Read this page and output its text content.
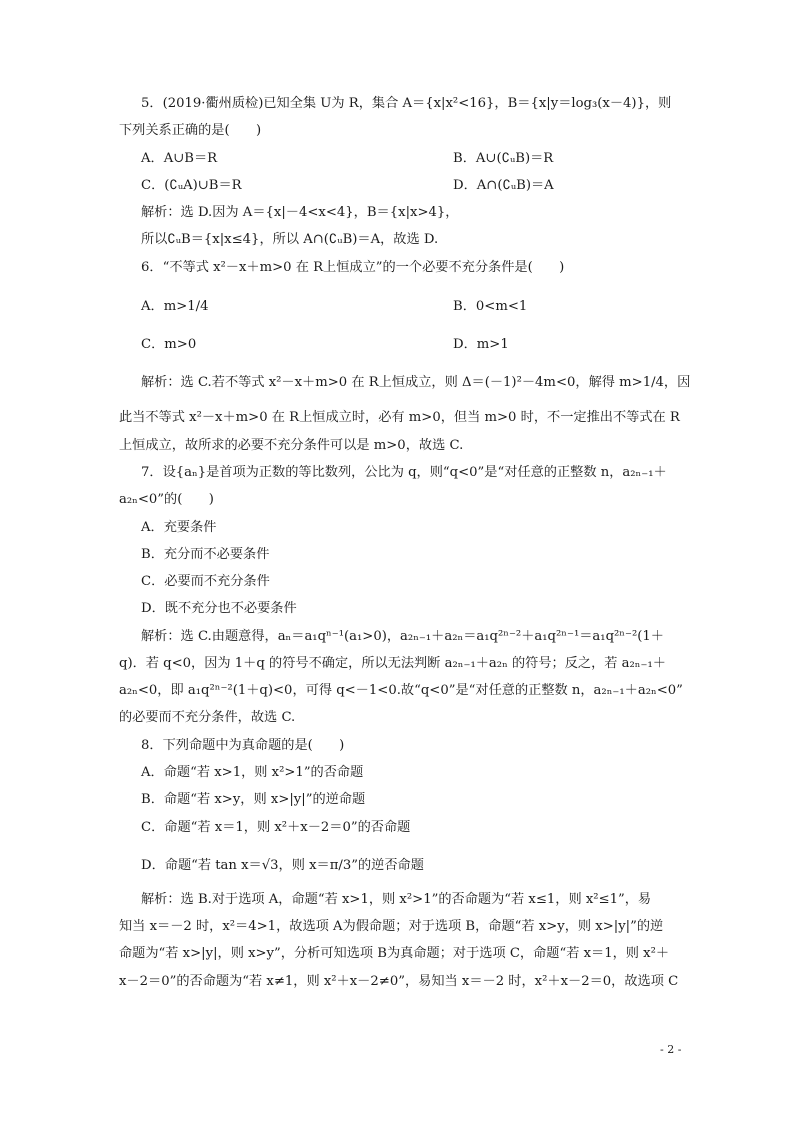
5．(2019·衢州质检)已知全集 U为 R，集合 A＝{x|x²<16}，B＝{x|y＝log₃(x－4)}，则
下列关系正确的是(　　)
A．A∪B＝R	B．A∪(∁ᵤB)＝R
C．(∁ᵤA)∪B＝R	D．A∩(∁ᵤB)＝A
解析：选 D.因为 A＝{x|－4<x<4}，B＝{x|x>4}，
所以∁ᵤB＝{x|x≤4}，所以 A∩(∁ᵤB)＝A，故选 D.
6．“不等式 x²－x＋m>0 在 R上恒成立”的一个必要不充分条件是(　　)
A．m>1/4	B．0<m<1
C．m>0	D．m>1
解析：选 C.若不等式 x²－x＋m>0 在 R上恒成立，则 Δ＝(－1)²－4m<0，解得 m>1/4，因
此当不等式 x²－x＋m>0 在 R上恒成立时，必有 m>0，但当 m>0 时，不一定推出不等式在 R
上恒成立，故所求的必要不充分条件可以是 m>0，故选 C.
7．设{aₙ}是首项为正数的等比数列，公比为 q，则“q<0”是“对任意的正整数 n，a₂ₙ₋₁＋
a₂ₙ<0”的(　　)
A．充要条件
B．充分而不必要条件
C．必要而不充分条件
D．既不充分也不必要条件
解析：选 C.由题意得，aₙ＝a₁qⁿ⁻¹(a₁>0)，a₂ₙ₋₁＋a₂ₙ＝a₁q²ⁿ⁻²＋a₁q²ⁿ⁻¹＝a₁q²ⁿ⁻²(1＋
q)．若 q<0，因为 1＋q 的符号不确定，所以无法判断 a₂ₙ₋₁＋a₂ₙ 的符号；反之，若 a₂ₙ₋₁＋
a₂ₙ<0，即 a₁q²ⁿ⁻²(1＋q)<0，可得 q<－1<0.故“q<0”是“对任意的正整数 n，a₂ₙ₋₁＋a₂ₙ<0”
的必要而不充分条件，故选 C.
8．下列命题中为真命题的是(　　)
A．命题“若 x>1，则 x²>1”的否命题
B．命题“若 x>y，则 x>|y|”的逆命题
C．命题“若 x＝1，则 x²＋x－2＝0”的否命题
D．命题“若 tan x＝√3，则 x＝π/3”的逆否命题
解析：选 B.对于选项 A，命题“若 x>1，则 x²>1”的否命题为“若 x≤1，则 x²≤1”，易
知当 x＝－2 时，x²＝4>1，故选项 A为假命题；对于选项 B，命题“若 x>y，则 x>|y|”的逆
命题为“若 x>|y|，则 x>y”，分析可知选项 B为真命题；对于选项 C，命题“若 x＝1，则 x²＋
x－2＝0”的否命题为“若 x≠1，则 x²＋x－2≠0”，易知当 x＝－2 时，x²＋x－2＝0，故选项 C
- 2 -
